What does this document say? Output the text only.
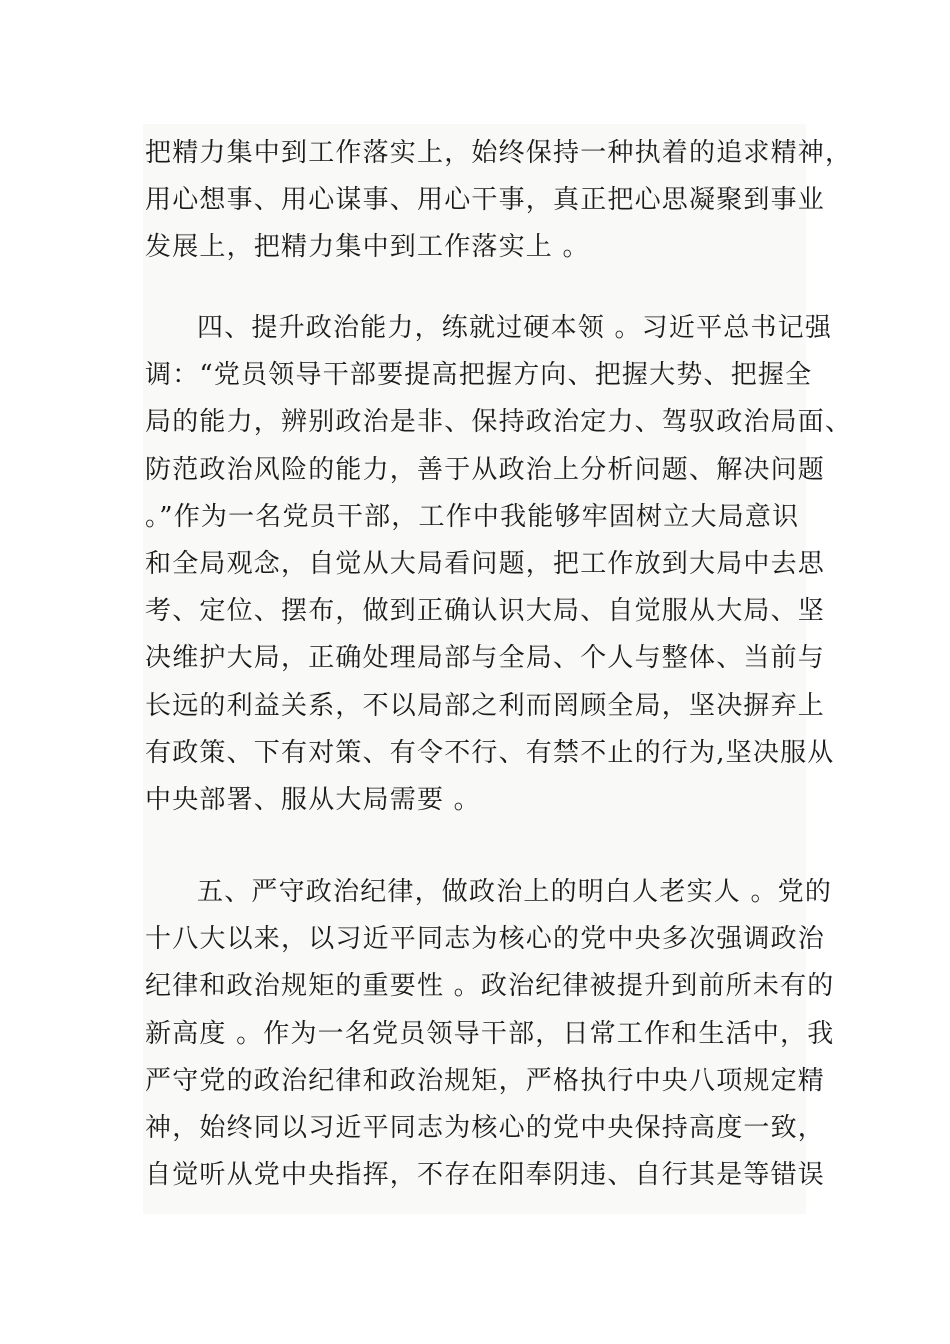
把精力集中到工作落实上，始终保持一种执着的追求精神，
用心想事、用心谋事、用心干事，真正把心思凝聚到事业
发展上，把精力集中到工作落实上 。
四、提升政治能力，练就过硬本领 。习近平总书记强
调：“党员领导干部要提高把握方向、把握大势、把握全
局的能力，辨别政治是非、保持政治定力、驾驭政治局面、
防范政治风险的能力，善于从政治上分析问题、解决问题
。”作为一名党员干部，工作中我能够牢固树立大局意识
和全局观念，自觉从大局看问题，把工作放到大局中去思
考、定位、摆布，做到正确认识大局、自觉服从大局、坚
决维护大局，正确处理局部与全局、个人与整体、当前与
长远的利益关系，不以局部之利而罔顾全局，坚决摒弃上
有政策、下有对策、有令不行、有禁不止的行为,坚决服从
中央部署、服从大局需要 。
五、严守政治纪律，做政治上的明白人老实人 。党的
十八大以来，以习近平同志为核心的党中央多次强调政治
纪律和政治规矩的重要性 。政治纪律被提升到前所未有的
新高度 。作为一名党员领导干部，日常工作和生活中，我
严守党的政治纪律和政治规矩，严格执行中央八项规定精
神，始终同以习近平同志为核心的党中央保持高度一致，
自觉听从党中央指挥，不存在阳奉阴违、自行其是等错误
